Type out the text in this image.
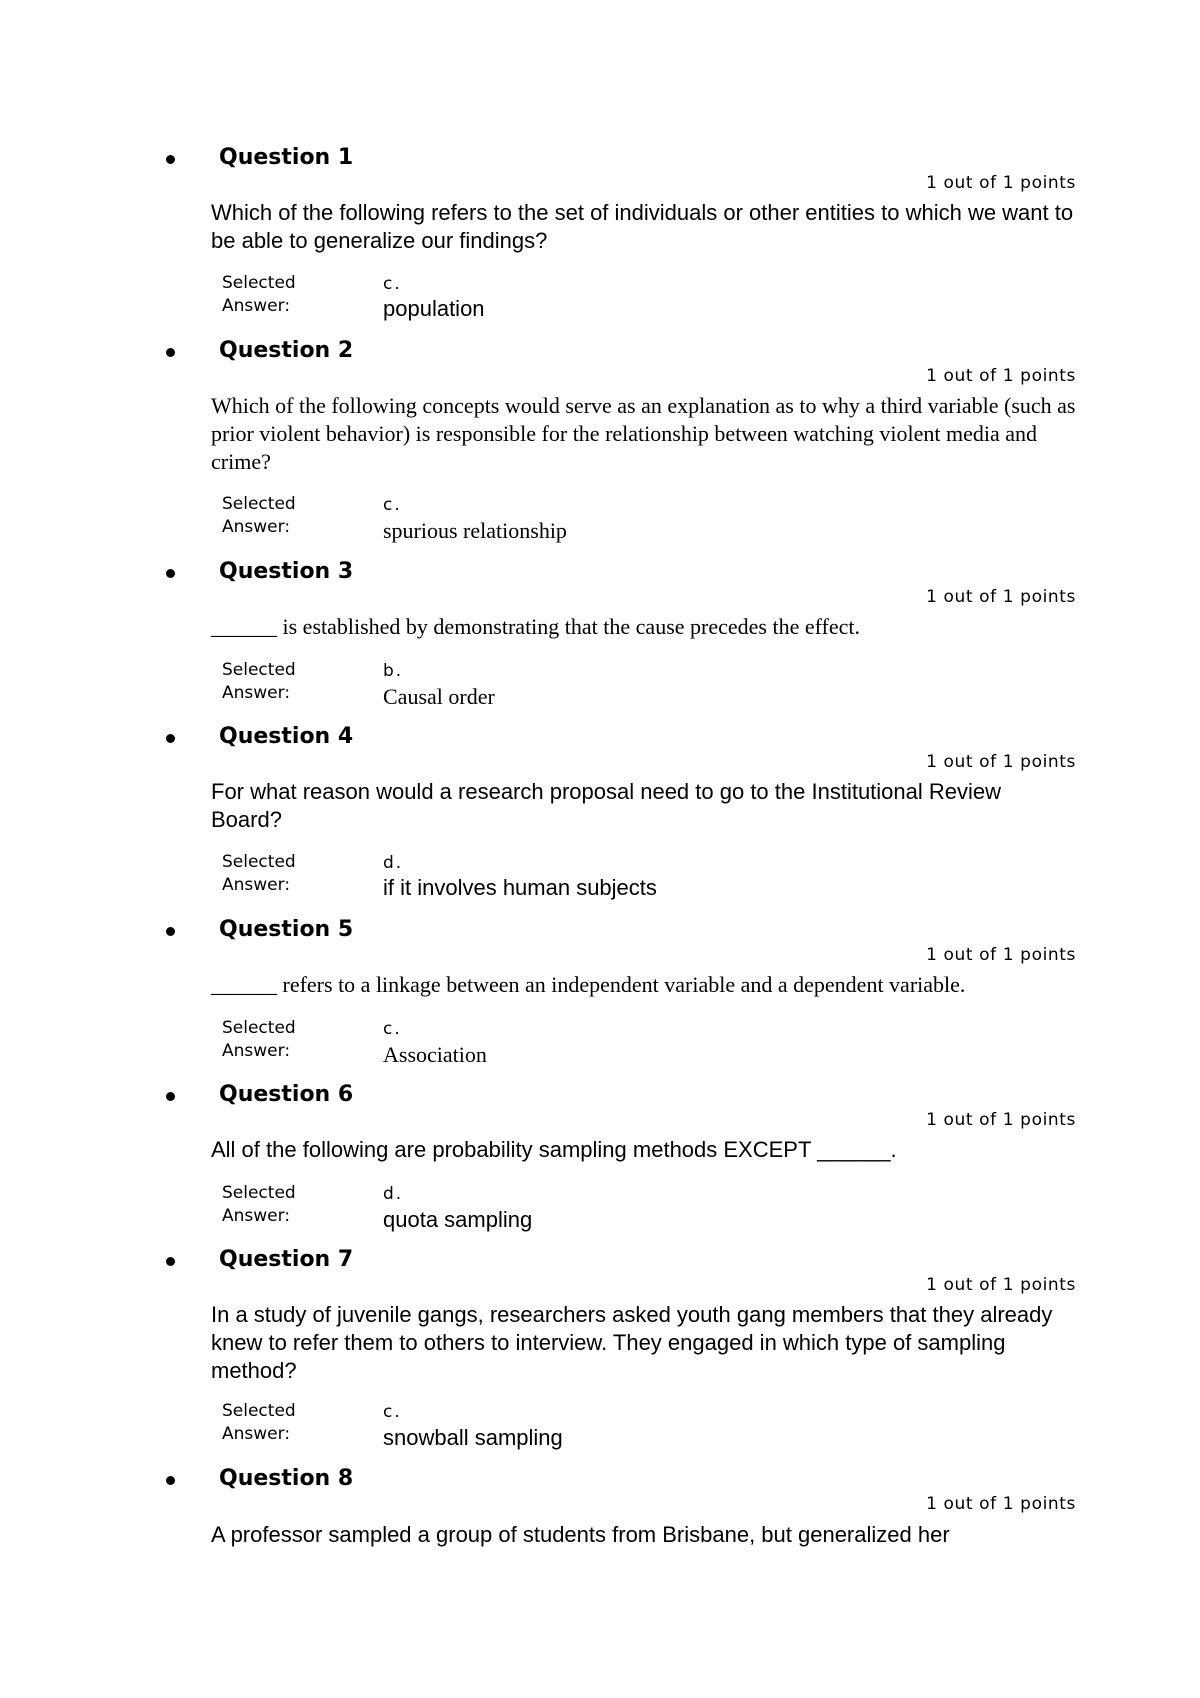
Question 1
1 out of 1 points
Which of the following refers to the set of individuals or other entities to which we want to be able to generalize our findings?
Selected
Answer:
c.
population
Question 2
1 out of 1 points
Which of the following concepts would serve as an explanation as to why a third variable (such as prior violent behavior) is responsible for the relationship between watching violent media and crime?
Selected
Answer:
c.
spurious relationship
Question 3
1 out of 1 points
______ is established by demonstrating that the cause precedes the effect.
Selected
Answer:
b.
Causal order
Question 4
1 out of 1 points
For what reason would a research proposal need to go to the Institutional Review Board?
Selected
Answer:
d.
if it involves human subjects
Question 5
1 out of 1 points
______ refers to a linkage between an independent variable and a dependent variable.
Selected
Answer:
c.
Association
Question 6
1 out of 1 points
All of the following are probability sampling methods EXCEPT ______.
Selected
Answer:
d.
quota sampling
Question 7
1 out of 1 points
In a study of juvenile gangs, researchers asked youth gang members that they already knew to refer them to others to interview. They engaged in which type of sampling method?
Selected
Answer:
c.
snowball sampling
Question 8
1 out of 1 points
A professor sampled a group of students from Brisbane, but generalized her
